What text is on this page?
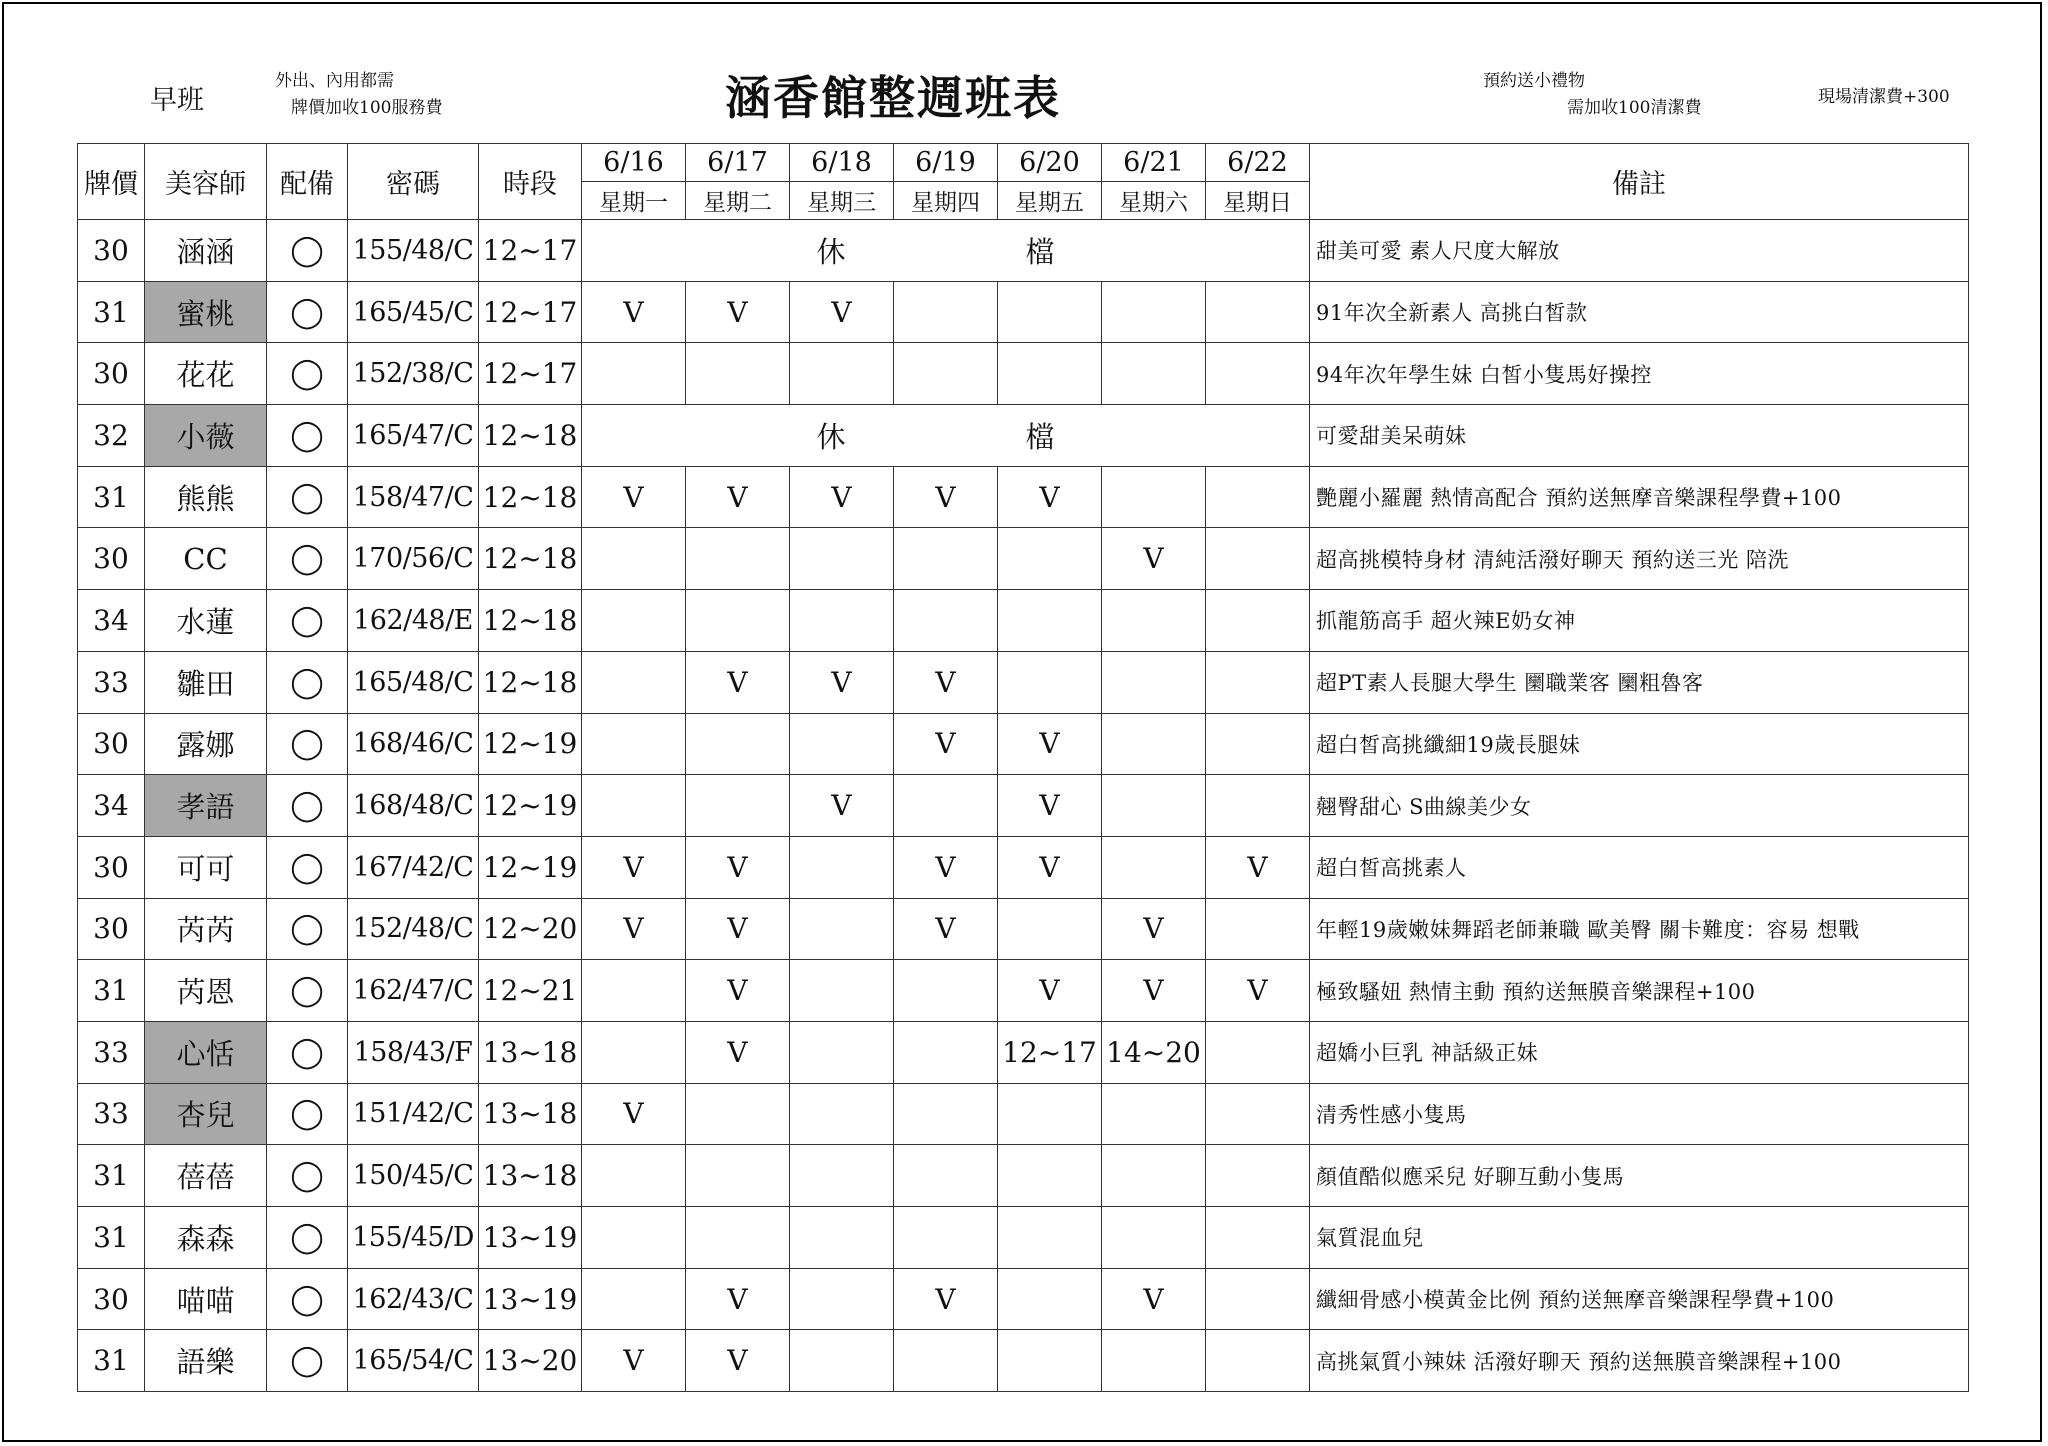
早班
外出、內用都需
牌價加收100服務費	涵香館整週班表	預約送小禮物
需加收100清潔費
現場清潔費+300
牌價	美容師	配備	密碼	時段	6/16	6/17	6/18	6/19	6/20	6/21	6/22	備註
					星期一	星期二	星期三	星期四	星期五	星期六	星期日	
30	涵涵	◯	155/48/C	12~17	休 檔							甜美可愛 素人尺度大解放
31	蜜桃	◯	165/45/C	12~17	V	V	V					91年次全新素人 高挑白皙款
30	花花	◯	152/38/C	12~17								94年次年學生妹 白皙小隻馬好操控
32	小薇	◯	165/47/C	12~18	休 檔							可愛甜美呆萌妹
31	熊熊	◯	158/47/C	12~18	V	V	V	V	V			艷麗小羅麗 熱情高配合 預約送無摩音樂課程學費+100
30	CC	◯	170/56/C	12~18						V		超高挑模特身材 清純活潑好聊天 預約送三光 陪洗
34	水蓮	◯	162/48/E	12~18								抓龍筋高手 超火辣E奶女神
33	雛田	◯	165/48/C	12~18		V	V	V				超PT素人長腿大學生 圞職業客 圞粗魯客
30	露娜	◯	168/46/C	12~19				V	V			超白皙高挑纖細19歲長腿妹
34	孝語	◯	168/48/C	12~19			V		V			翹臀甜心 S曲線美少女
30	可可	◯	167/42/C	12~19	V	V		V	V		V	超白皙高挑素人
30	芮芮	◯	152/48/C	12~20	V	V		V		V		年輕19歲嫩妹舞蹈老師兼職 歐美臀 關卡難度：容易 想戰
31	芮恩	◯	162/47/C	12~21		V			V	V	V	極致騷妞 熱情主動 預約送無膜音樂課程+100
33	心恬	◯	158/43/F	13~18		V			12~17	14~20		超嬌小巨乳 神話級正妹
33	杏兒	◯	151/42/C	13~18	V							清秀性感小隻馬
31	蓓蓓	◯	150/45/C	13~18								顏值酷似應采兒 好聊互動小隻馬
31	森森	◯	155/45/D	13~19								氣質混血兒
30	喵喵	◯	162/43/C	13~19		V		V		V		纖細骨感小模黃金比例 預約送無摩音樂課程學費+100
31	語樂	◯	165/54/C	13~20	V	V						高挑氣質小辣妹 活潑好聊天 預約送無膜音樂課程+100
